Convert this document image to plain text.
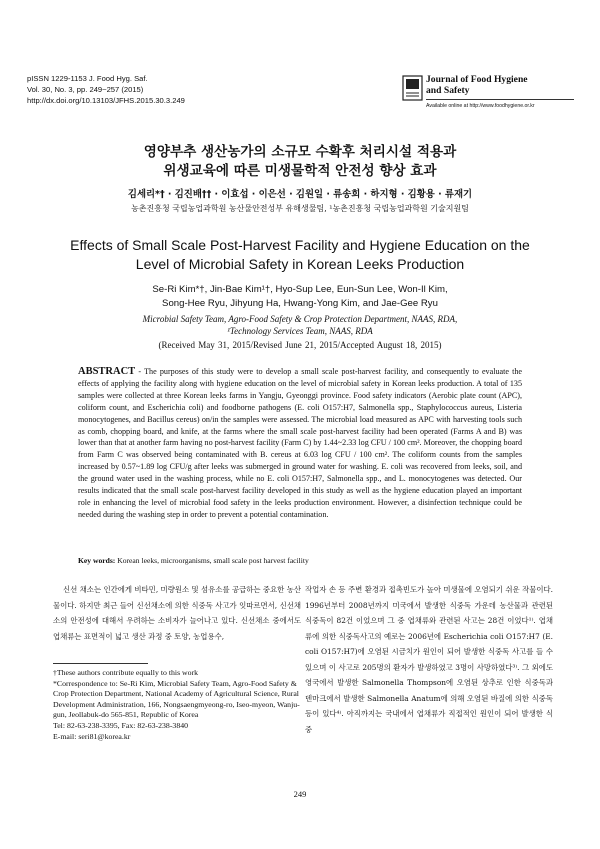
pISSN 1229-1153 J. Food Hyg. Saf.
Vol. 30, No. 3, pp. 249~257 (2015)
http://dx.doi.org/10.13103/JFHS.2015.30.3.249
Journal of Food Hygiene
and Safety
Available online at http://www.foodhygiene.or.kr
영양부추 생산농가의 소규모 수확후 처리시설 적용과
위생교육에 따른 미생물학적 안전성 향상 효과
김세리*† · 김진배†† · 이효섭 · 이은선 · 김원일 · 류송희 · 하지형 · 김황용 · 류재기
농촌진흥청 국립농업과학원 농산물안전성부 유해생물팀, ¹농촌진흥청 국립농업과학원 기술지원팀
Effects of Small Scale Post-Harvest Facility and Hygiene Education on the
Level of Microbial Safety in Korean Leeks Production
Se-Ri Kim*†, Jin-Bae Kim¹†, Hyo-Sup Lee, Eun-Sun Lee, Won-Il Kim,
Song-Hee Ryu, Jihyung Ha, Hwang-Yong Kim, and Jae-Gee Ryu
Microbial Safety Team, Agro-Food Safety & Crop Protection Department, NAAS, RDA,
¹Technology Services Team, NAAS, RDA
(Received May 31, 2015/Revised June 21, 2015/Accepted August 18, 2015)
ABSTRACT - The purposes of this study were to develop a small scale post-harvest facility, and consequently to evaluate the effects of applying the facility along with hygiene education on the level of microbial safety in Korean leeks production. A total of 135 samples were collected at three Korean leeks farms in Yangju, Gyeonggi province. Food safety indicators (Aerobic plate count (APC), coliform count, and Escherichia coli) and foodborne pathogens (E. coli O157:H7, Salmonella spp., Staphylococcus aureus, Listeria monocytogenes, and Bacillus cereus) on/in the samples were assessed. The microbial load measured as APC with harvesting tools such as comb, chopping board, and knife, at the farms where the small scale post-harvest facility had been operated (Farms A and B) was lower than that at another farm having no post-harvest facility (Farm C) by 1.44~2.33 log CFU / 100 cm². Moreover, the chopping board from Farm C was observed being contaminated with B. cereus at 6.03 log CFU / 100 cm². The coliform counts from the samples increased by 0.57~1.89 log CFU/g after leeks was submerged in ground water for washing. E. coli was recovered from leeks, soil, and the ground water used in the washing process, while no E. coli O157:H7, Salmonella spp., and L. monocytogenes was detected. Our results indicated that the small scale post-harvest facility developed in this study as well as the hygiene education played an important role in enhancing the level of microbial food safety in the leeks production environment. However, a disinfection technique could be needed during the washing step in order to prevent a potential contamination.
Key words: Korean leeks, microorganisms, small scale post harvest facility
신선 채소는 인간에게 비타민, 미량원소 및 섬유소를 공급하는 중요한 농산물이다. 하지만 최근 들어 신선채소에 의한 식중독 사고가 잇따르면서, 신선채소의 안전성에 대해서 우려하는 소비자가 늘어나고 있다. 신선채소 중에서도 엽채류는 표면적이 넓고 생산 과정 중 토양, 농업용수,
작업자 손 등 주변 환경과 접촉빈도가 높아 미생물에 오염되기 쉬운 작물이다. 1996년부터 2008년까지 미국에서 발생한 식중독 가운데 농산물과 관련된 식중독이 82건 이었으며 그 중 엽채류와 관련된 사고는 28건 이었다¹⁾. 엽채류에 의한 식중독사고의 예로는 2006년에 Escherichia coli O157:H7 (E. coli O157:H7)에 오염된 시금치가 원인이 되어 발생한 식중독 사고를 들 수 있으며 이 사고로 205명의 환자가 발생하였고 3명이 사망하였다³⁾. 그 외에도 영국에서 발생한 Salmonella Thompson에 오염된 상추로 인한 식중독과 덴마크에서 발생한 Salmonella Anatum에 의해 오염된 바질에 의한 식중독 등이 있다⁴⁾. 아직까지는 국내에서 엽채류가 직접적인 원인이 되어 발생한 식중
†These authors contribute equally to this work
*Correspondence to: Se-Ri Kim, Microbial Safety Team, Agro-Food Safety & Crop Protection Department, National Academy of Agricultural Science, Rural Development Administration, 166, Nongsaengmyeong-ro, Iseo-myeon, Wanju-gun, Jeollabuk-do 565-851, Republic of Korea
Tel: 82-63-238-3395, Fax: 82-63-238-3840
E-mail: seri81@korea.kr
249
